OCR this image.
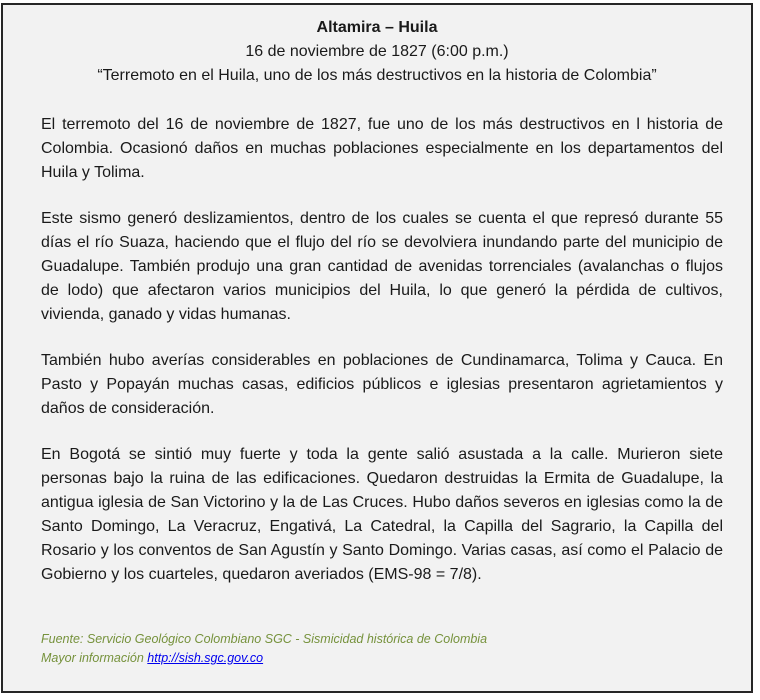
Altamira – Huila
16 de noviembre de 1827 (6:00 p.m.)
“Terremoto en el Huila, uno de los más destructivos en la historia de Colombia”

El terremoto del 16 de noviembre de 1827, fue uno de los más destructivos en l historia de Colombia. Ocasionó daños en muchas poblaciones especialmente en los departamentos del Huila y Tolima.

Este sismo generó deslizamientos, dentro de los cuales se cuenta el que represó durante 55 días el río Suaza, haciendo que el flujo del río se devolviera inundando parte del municipio de Guadalupe. También produjo una gran cantidad de avenidas torrenciales (avalanchas o flujos de lodo) que afectaron varios municipios del Huila, lo que generó la pérdida de cultivos, vivienda, ganado y vidas humanas.

También hubo averías considerables en poblaciones de Cundinamarca, Tolima y Cauca. En Pasto y Popayán muchas casas, edificios públicos e iglesias presentaron agrietamientos y daños de consideración.

En Bogotá se sintió muy fuerte y toda la gente salió asustada a la calle. Murieron siete personas bajo la ruina de las edificaciones. Quedaron destruidas la Ermita de Guadalupe, la antigua iglesia de San Victorino y la de Las Cruces. Hubo daños severos en iglesias como la de Santo Domingo, La Veracruz, Engativá, La Catedral, la Capilla del Sagrario, la Capilla del Rosario y los conventos de San Agustín y Santo Domingo. Varias casas, así como el Palacio de Gobierno y los cuarteles, quedaron averiados (EMS-98 = 7/8).

Fuente: Servicio Geológico Colombiano SGC - Sismicidad histórica de Colombia
Mayor información http://sish.sgc.gov.co
